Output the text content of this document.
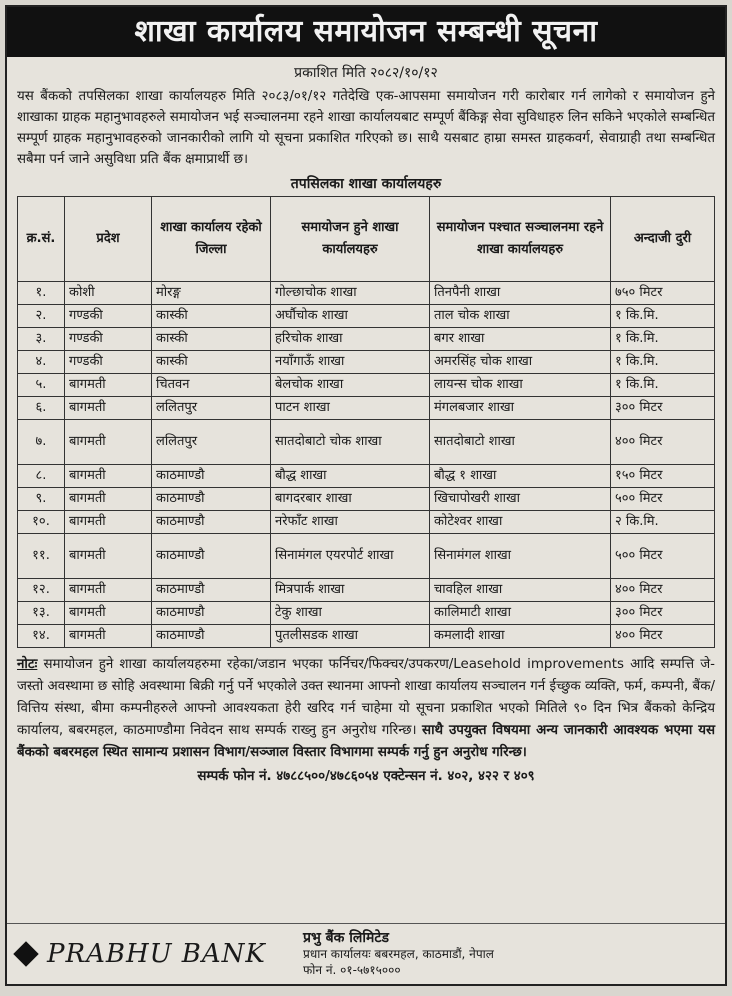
शाखा कार्यालय समायोजन सम्बन्धी सूचना
प्रकाशित मिति २०८२/१०/१२
यस बैंकको तपसिलका शाखा कार्यालयहरु मिति २०८३/०१/१२ गतेदेखि एक-आपसमा समायोजन गरी कारोबार गर्न लागेको र समायोजन हुने शाखाका ग्राहक महानुभावहरुले समायोजन भई सञ्चालनमा रहने शाखा कार्यालयबाट सम्पूर्ण बैंकिङ्ग सेवा सुविधाहरु लिन सकिने भएकोले सम्बन्धित सम्पूर्ण ग्राहक महानुभावहरुको जानकारीको लागि यो सूचना प्रकाशित गरिएको छ। साथै यसबाट हाम्रा समस्त ग्राहकवर्ग, सेवाग्राही तथा सम्बन्धित सबैमा पर्न जाने असुविधा प्रति बैंक क्षमाप्रार्थी छ।
तपसिलका शाखा कार्यालयहरु
क्र.सं.	प्रदेश	शाखा कार्यालय रहेको जिल्ला	समायोजन हुने शाखा कार्यालयहरु	समायोजन पश्चात सञ्चालनमा रहने शाखा कार्यालयहरु	अन्दाजी दुरी
१.	कोशी	मोरङ्ग	गोल्छाचोक शाखा	तिनपैनी शाखा	७५० मिटर
२.	गण्डकी	कास्की	अर्घौचोक शाखा	ताल चोक शाखा	१ कि.मि.
३.	गण्डकी	कास्की	हरिचोक शाखा	बगर शाखा	१ कि.मि.
४.	गण्डकी	कास्की	नयाँगाऊँ शाखा	अमरसिंह चोक शाखा	१ कि.मि.
५.	बागमती	चितवन	बेलचोक शाखा	लायन्स चोक शाखा	१ कि.मि.
६.	बागमती	ललितपुर	पाटन शाखा	मंगलबजार शाखा	३०० मिटर
७.	बागमती	ललितपुर	सातदोबाटो चोक शाखा	सातदोबाटो शाखा	४०० मिटर
८.	बागमती	काठमाण्डौ	बौद्ध शाखा	बौद्ध १ शाखा	१५० मिटर
९.	बागमती	काठमाण्डौ	बागदरबार शाखा	खिचापोखरी शाखा	५०० मिटर
१०.	बागमती	काठमाण्डौ	नरेफाँट शाखा	कोटेश्वर शाखा	२ कि.मि.
११.	बागमती	काठमाण्डौ	सिनामंगल एयरपोर्ट शाखा	सिनामंगल शाखा	५०० मिटर
१२.	बागमती	काठमाण्डौ	मित्रपार्क शाखा	चावहिल शाखा	४०० मिटर
१३.	बागमती	काठमाण्डौ	टेकु शाखा	कालिमाटी शाखा	३०० मिटर
१४.	बागमती	काठमाण्डौ	पुतलीसडक शाखा	कमलादी शाखा	४०० मिटर
नोटः समायोजन हुने शाखा कार्यालयहरुमा रहेका/जडान भएका फर्निचर/फिक्चर/उपकरण/Leasehold improvements आदि सम्पत्ति जे-जस्तो अवस्थामा छ सोहि अवस्थामा बिक्री गर्नु पर्ने भएकोले उक्त स्थानमा आफ्नो शाखा कार्यालय सञ्चालन गर्न ईच्छुक व्यक्ति, फर्म, कम्पनी, बैंक/वित्तिय संस्था, बीमा कम्पनीहरुले आफ्नो आवश्यकता हेरी खरिद गर्न चाहेमा यो सूचना प्रकाशित भएको मितिले ९० दिन भित्र बैंकको केन्द्रिय कार्यालय, बबरमहल, काठमाण्डौमा निवेदन साथ सम्पर्क राख्नु हुन अनुरोध गरिन्छ। साथै उपयुक्त विषयमा अन्य जानकारी आवश्यक भएमा यस बैंकको बबरमहल स्थित सामान्य प्रशासन विभाग/सञ्जाल विस्तार विभागमा सम्पर्क गर्नु हुन अनुरोध गरिन्छ।
सम्पर्क फोन नं. ४७८८५००/४७८६०५४ एक्टेन्सन नं. ४०२, ४२२ र ४०९
PRABHU BANK
प्रभु बैंक लिमिटेड
प्रधान कार्यालयः बबरमहल, काठमाडौं, नेपाल
फोन नं. ०१-५७१५०००
